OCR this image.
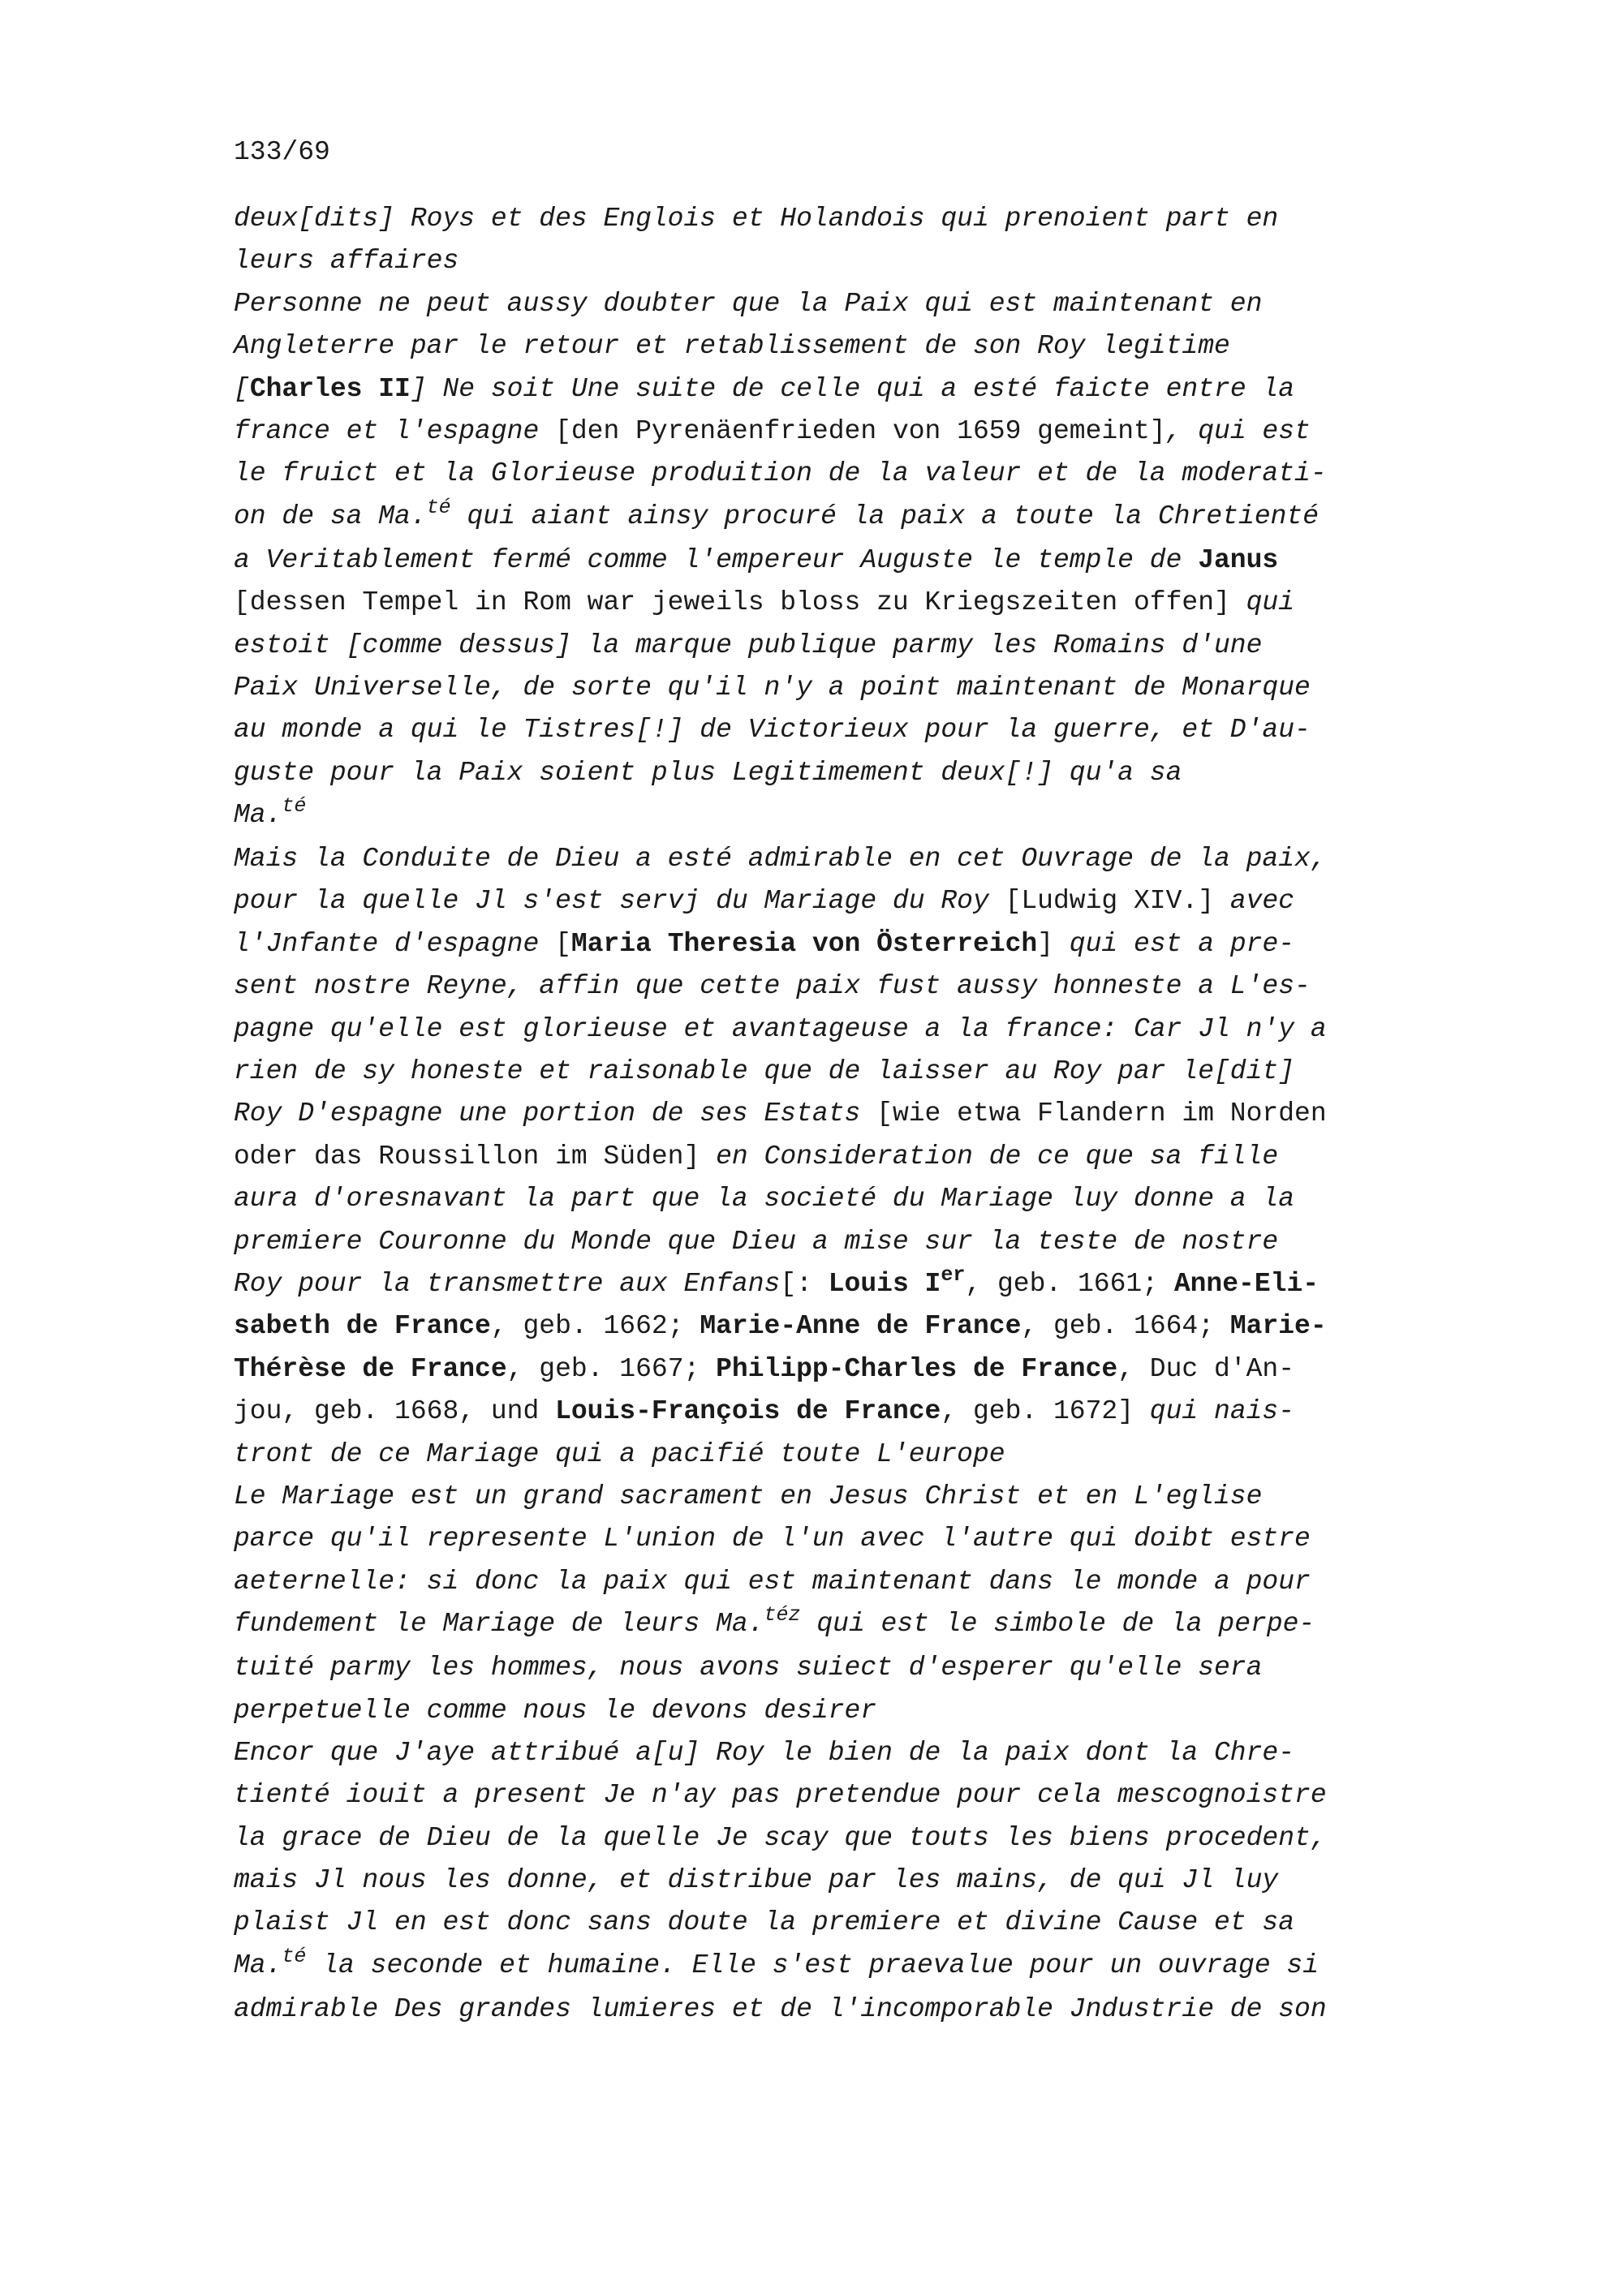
133/69
deux[dits] Roys et des Englois et Holandois qui prenoient part en
leurs affaires
Personne ne peut aussy doubter que la Paix qui est maintenant en
Angleterre par le retour et retablissement de son Roy legitime
[Charles II] Ne soit Une suite de celle qui a esté faicte entre la
france et l'espagne [den Pyrenäenfrieden von 1659 gemeint], qui est
le fruict et la Glorieuse produition de la valeur et de la moderati-
on de sa Ma.$^{té}$ qui aiant ainsy procuré la paix a toute la Chretienté
a Veritablement fermé comme l'empereur Auguste le temple de Janus
[dessen Tempel in Rom war jeweils bloss zu Kriegszeiten offen] qui
estoit [comme dessus] la marque publique parmy les Romains d'une
Paix Universelle, de sorte qu'il n'y a point maintenant de Monarque
au monde a qui le Tistres[!] de Victorieux pour la guerre, et D'au-
guste pour la Paix soient plus Legitimement deux[!] qu'a sa
Ma.$^{té}$
Mais la Conduite de Dieu a esté admirable en cet Ouvrage de la paix,
pour la quelle Jl s'est servj du Mariage du Roy [Ludwig XIV.] avec
l'Jnfante d'espagne [Maria Theresia von Österreich] qui est a pre-
sent nostre Reyne, affin que cette paix fust aussy honneste a L'es-
pagne qu'elle est glorieuse et avantageuse a la france: Car Jl n'y a
rien de sy honeste et raisonable que de laisser au Roy par le[dit]
Roy D'espagne une portion de ses Estats [wie etwa Flandern im Norden
oder das Roussillon im Süden] en Consideration de ce que sa fille
aura d'oresnavant la part que la societé du Mariage luy donne a la
premiere Couronne du Monde que Dieu a mise sur la teste de nostre
Roy pour la transmettre aux Enfans[: Louis Ier, geb. 1661; Anne-Eli-
sabeth de France, geb. 1662; Marie-Anne de France, geb. 1664; Marie-
Thérèse de France, geb. 1667; Philipp-Charles de France, Duc d'An-
jou, geb. 1668, und Louis-François de France, geb. 1672] qui nais-
tront de ce Mariage qui a pacifié toute L'europe
Le Mariage est un grand sacrament en Jesus Christ et en L'eglise
parce qu'il represente L'union de l'un avec l'autre qui doibt estre
aeternelle: si donc la paix qui est maintenant dans le monde a pour
fundement le Mariage de leurs Ma.$^{téz}$ qui est le simbole de la perpe-
tuité parmy les hommes, nous avons suiect d'esperer qu'elle sera
perpetuelle comme nous le devons desirer
Encor que J'aye attribué a[u] Roy le bien de la paix dont la Chre-
tienté iouit a present Je n'ay pas pretendue pour cela mescognoistre
la grace de Dieu de la quelle Je scay que touts les biens procedent,
mais Jl nous les donne, et distribue par les mains, de qui Jl luy
plaist Jl en est donc sans doute la premiere et divine Cause et sa
Ma.$^{té}$ la seconde et humaine. Elle s'est praevalue pour un ouvrage si
admirable Des grandes lumieres et de l'incomporable Jndustrie de son
